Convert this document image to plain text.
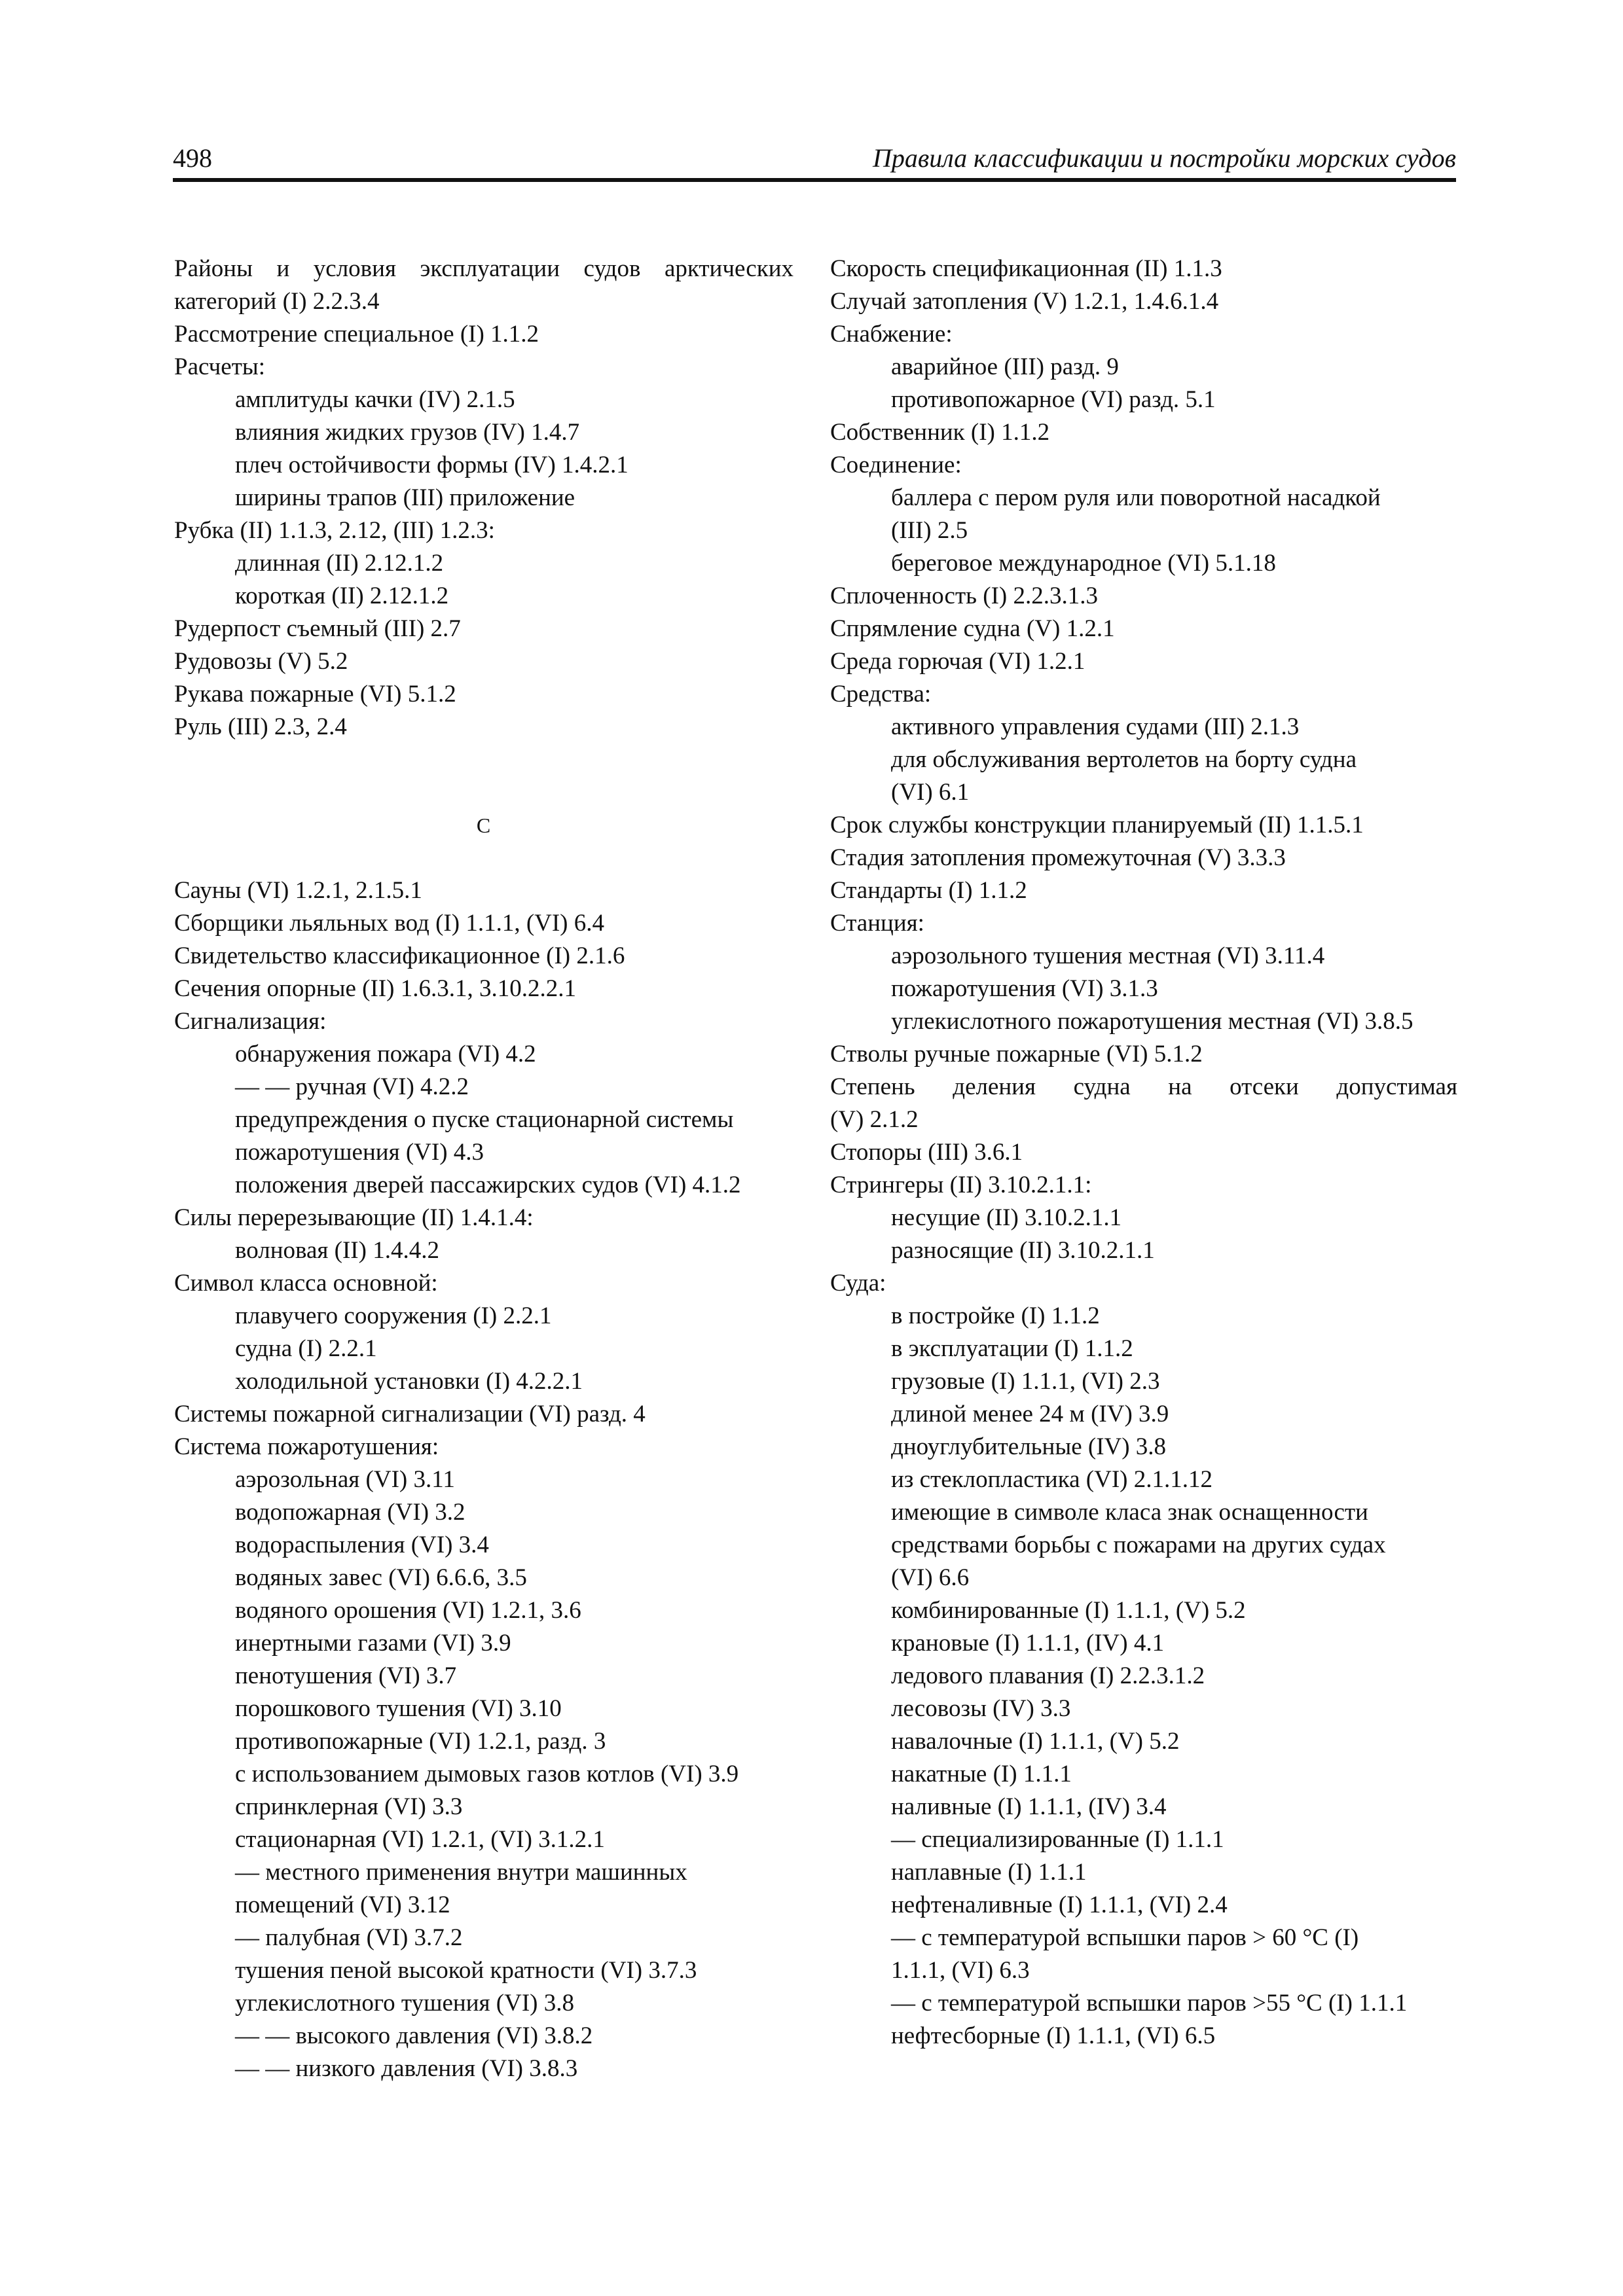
498	Правила классификации и постройки морских судов
Районы и условия эксплуатации судов арктических
категорий (I) 2.2.3.4
Рассмотрение специальное (I) 1.1.2
Расчеты:
амплитуды качки (IV) 2.1.5
влияния жидких грузов (IV) 1.4.7
плеч остойчивости формы (IV) 1.4.2.1
ширины трапов (III) приложение
Рубка (II) 1.1.3, 2.12, (III) 1.2.3:
длинная (II) 2.12.1.2
короткая (II) 2.12.1.2
Рудерпост съемный (III) 2.7
Рудовозы (V) 5.2
Рукава пожарные (VI) 5.1.2
Руль (III) 2.3, 2.4
С
Сауны (VI) 1.2.1, 2.1.5.1
Сборщики льяльных вод (I) 1.1.1, (VI) 6.4
Свидетельство классификационное (I) 2.1.6
Сечения опорные (II) 1.6.3.1, 3.10.2.2.1
Сигнализация:
обнаружения пожара (VI) 4.2
— — ручная (VI) 4.2.2
предупреждения о пуске стационарной системы
пожаротушения (VI) 4.3
положения дверей пассажирских судов (VI) 4.1.2
Силы перерезывающие (II) 1.4.1.4:
волновая (II) 1.4.4.2
Символ класса основной:
плавучего сооружения (I) 2.2.1
судна (I) 2.2.1
холодильной установки (I) 4.2.2.1
Системы пожарной сигнализации (VI) разд. 4
Система пожаротушения:
аэрозольная (VI) 3.11
водопожарная (VI) 3.2
водораспыления (VI) 3.4
водяных завес (VI) 6.6.6, 3.5
водяного орошения (VI) 1.2.1, 3.6
инертными газами (VI) 3.9
пенотушения (VI) 3.7
порошкового тушения (VI) 3.10
противопожарные (VI) 1.2.1, разд. 3
с использованием дымовых газов котлов (VI) 3.9
спринклерная (VI) 3.3
стационарная (VI) 1.2.1, (VI) 3.1.2.1
— местного применения внутри машинных
помещений (VI) 3.12
— палубная (VI) 3.7.2
тушения пеной высокой кратности (VI) 3.7.3
углекислотного тушения (VI) 3.8
— — высокого давления (VI) 3.8.2
— — низкого давления (VI) 3.8.3
Скорость спецификационная (II) 1.1.3
Случай затопления (V) 1.2.1, 1.4.6.1.4
Снабжение:
аварийное (III) разд. 9
противопожарное (VI) разд. 5.1
Собственник (I) 1.1.2
Соединение:
баллера с пером руля или поворотной насадкой
(III) 2.5
береговое международное (VI) 5.1.18
Сплоченность (I) 2.2.3.1.3
Спрямление судна (V) 1.2.1
Среда горючая (VI) 1.2.1
Средства:
активного управления судами (III) 2.1.3
для обслуживания вертолетов на борту судна
(VI) 6.1
Срок службы конструкции планируемый (II) 1.1.5.1
Стадия затопления промежуточная (V) 3.3.3
Стандарты (I) 1.1.2
Станция:
аэрозольного тушения местная (VI) 3.11.4
пожаротушения (VI) 3.1.3
углекислотного пожаротушения местная (VI) 3.8.5
Стволы ручные пожарные (VI) 5.1.2
Степень деления судна на отсеки допустимая
(V) 2.1.2
Стопоры (III) 3.6.1
Стрингеры (II) 3.10.2.1.1:
несущие (II) 3.10.2.1.1
разносящие (II) 3.10.2.1.1
Суда:
в постройке (I) 1.1.2
в эксплуатации (I) 1.1.2
грузовые (I) 1.1.1, (VI) 2.3
длиной менее 24 м (IV) 3.9
дноуглубительные (IV) 3.8
из стеклопластика (VI) 2.1.1.12
имеющие в символе класа знак оснащенности
средствами борьбы с пожарами на других судах
(VI) 6.6
комбинированные (I) 1.1.1, (V) 5.2
крановые (I) 1.1.1, (IV) 4.1
ледового плавания (I) 2.2.3.1.2
лесовозы (IV) 3.3
навалочные (I) 1.1.1, (V) 5.2
накатные (I) 1.1.1
наливные (I) 1.1.1, (IV) 3.4
— специализированные (I) 1.1.1
наплавные (I) 1.1.1
нефтеналивные (I) 1.1.1, (VI) 2.4
— с температурой вспышки паров > 60 °С (I)
1.1.1, (VI) 6.3
— с температурой вспышки паров >55 °С (I) 1.1.1
нефтесборные (I) 1.1.1, (VI) 6.5
